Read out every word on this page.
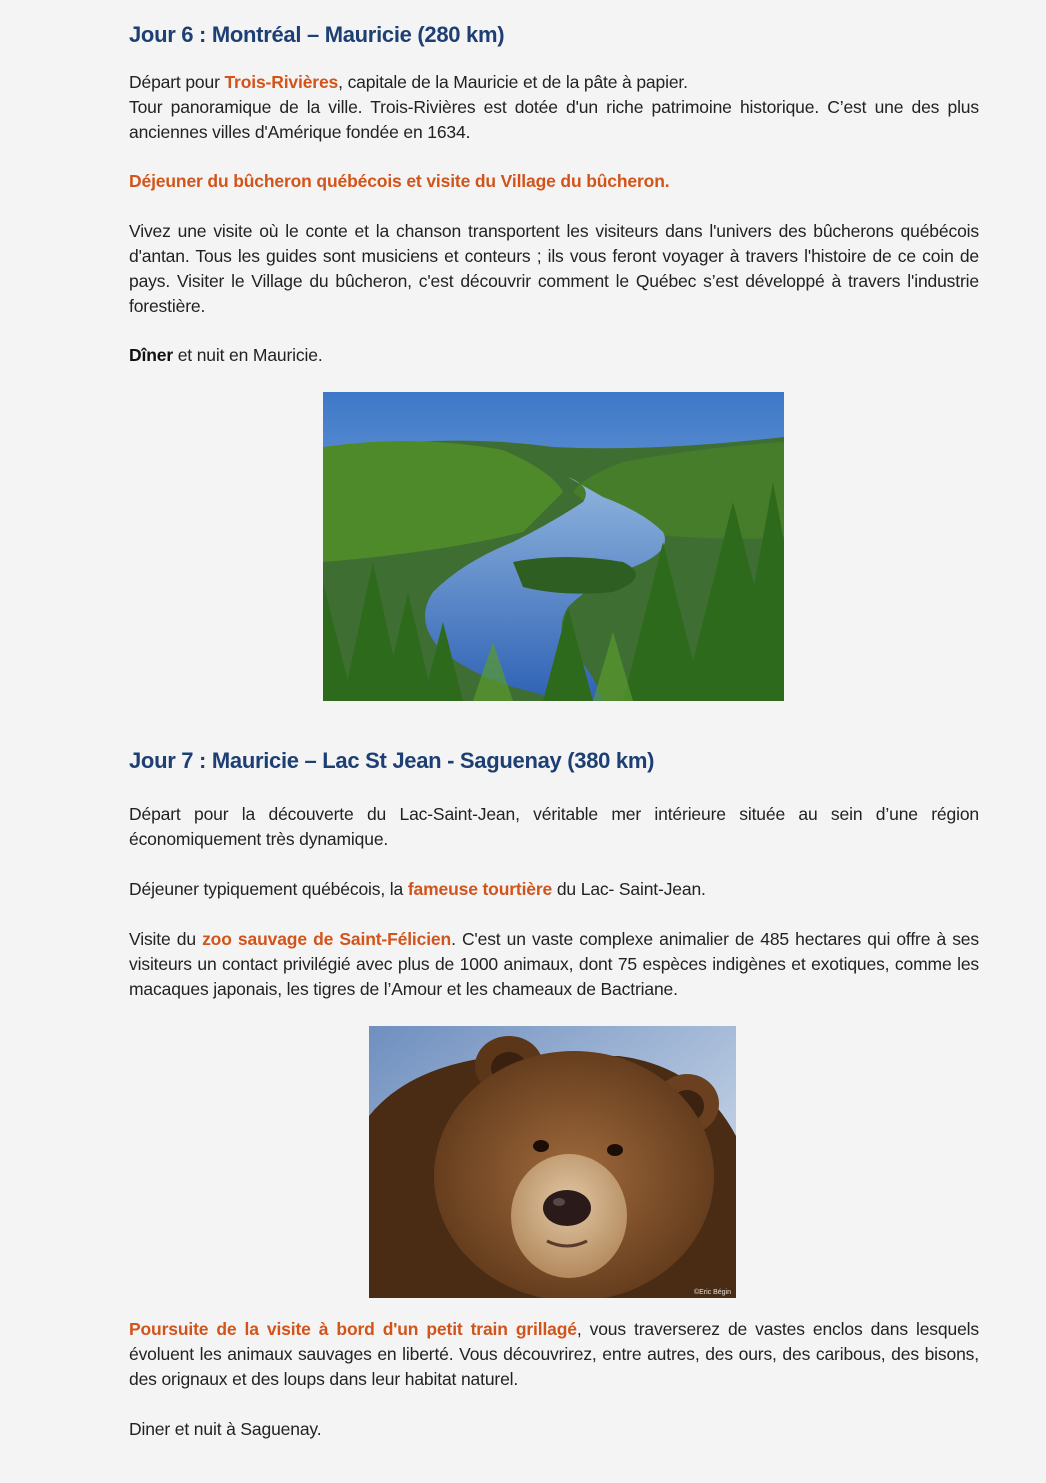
Jour 6 : Montréal – Mauricie (280 km)

Départ pour Trois-Rivières, capitale de la Mauricie et de la pâte à papier.
Tour panoramique de la ville. Trois-Rivières est dotée d'un riche patrimoine historique. C’est une des plus anciennes villes d'Amérique fondée en 1634.

Déjeuner du bûcheron québécois et visite du Village du bûcheron.

Vivez une visite où le conte et la chanson transportent les visiteurs dans l'univers des bûcherons québécois d'antan. Tous les guides sont musiciens et conteurs ; ils vous feront voyager à travers l'histoire de ce coin de pays. Visiter le Village du bûcheron, c'est découvrir comment le Québec s’est développé à travers l'industrie forestière.

Dîner et nuit en Mauricie.

Jour 7 : Mauricie – Lac St Jean - Saguenay (380 km)

Départ pour la découverte du Lac-Saint-Jean, véritable mer intérieure située au sein d’une région économiquement très dynamique.

Déjeuner typiquement québécois, la fameuse tourtière du Lac- Saint-Jean.

Visite du zoo sauvage de Saint-Félicien. C'est un vaste complexe animalier de 485 hectares qui offre à ses visiteurs un contact privilégié avec plus de 1000 animaux, dont 75 espèces indigènes et exotiques, comme les macaques japonais, les tigres de l’Amour et les chameaux de Bactriane.

©Eric Bégin

Poursuite de la visite à bord d'un petit train grillagé, vous traverserez de vastes enclos dans lesquels évoluent les animaux sauvages en liberté. Vous découvrirez, entre autres, des ours, des caribous, des bisons, des orignaux et des loups dans leur habitat naturel.

Diner et nuit à Saguenay.
